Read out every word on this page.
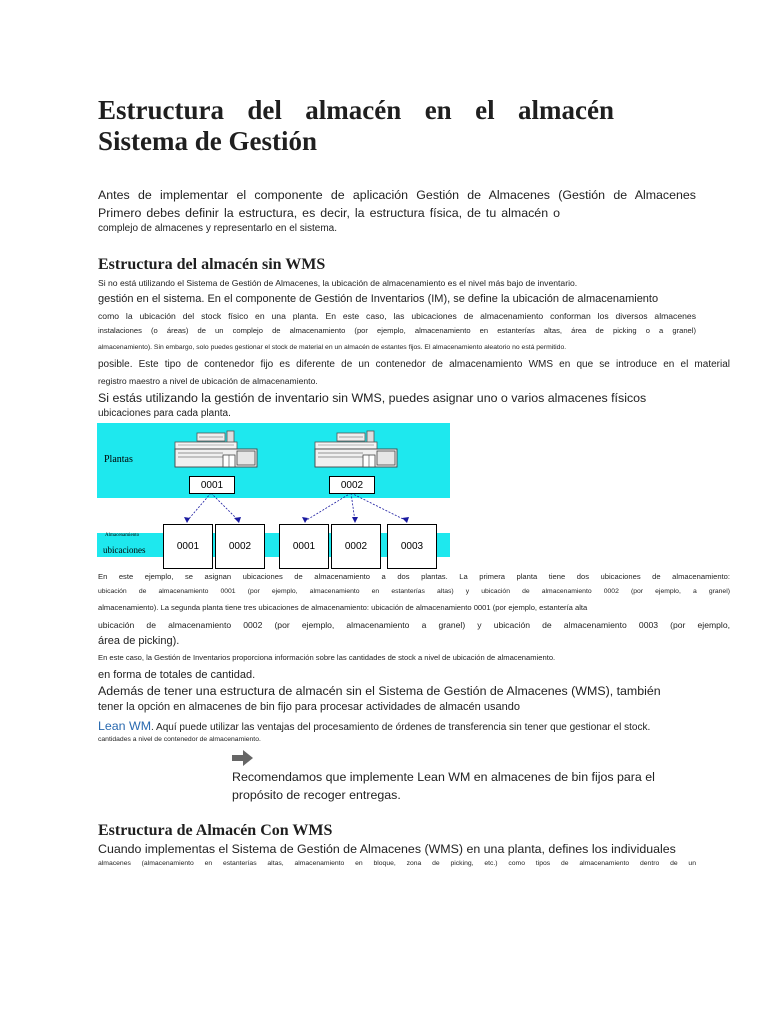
Estructura del almacén en el almacén
Sistema de Gestión

Antes de implementar el componente de aplicación Gestión de Almacenes (Gestión de Almacenes

Primero debes definir la estructura, es decir, la estructura física, de tu almacén o

complejo de almacenes y representarlo en el sistema.

Estructura del almacén sin WMS

Si no está utilizando el Sistema de Gestión de Almacenes, la ubicación de almacenamiento es el nivel más bajo de inventario.

gestión en el sistema. En el componente de Gestión de Inventarios (IM), se define la ubicación de almacenamiento

como la ubicación del stock físico en una planta. En este caso, las ubicaciones de almacenamiento conforman los diversos almacenes

instalaciones (o áreas) de un complejo de almacenamiento (por ejemplo, almacenamiento en estanterías altas, área de picking o a granel)

almacenamiento). Sin embargo, solo puedes gestionar el stock de material en un almacén de estantes fijos. El almacenamiento aleatorio no está permitido.

posible. Este tipo de contenedor fijo es diferente de un contenedor de almacenamiento WMS en que se introduce en el material

registro maestro a nivel de ubicación de almacenamiento.

Si estás utilizando la gestión de inventario sin WMS, puedes asignar uno o varios almacenes físicos

ubicaciones para cada planta.

Plantas
Almacenamiento
ubicaciones
0001	0002
0001	0002	0001	0002	0003

En este ejemplo, se asignan ubicaciones de almacenamiento a dos plantas. La primera planta tiene dos ubicaciones de almacenamiento:

ubicación de almacenamiento 0001 (por ejemplo, almacenamiento en estanterías altas) y ubicación de almacenamiento 0002 (por ejemplo, a granel)

almacenamiento). La segunda planta tiene tres ubicaciones de almacenamiento: ubicación de almacenamiento 0001 (por ejemplo, estantería alta

ubicación de almacenamiento 0002 (por ejemplo, almacenamiento a granel) y ubicación de almacenamiento 0003 (por ejemplo,

área de picking).

En este caso, la Gestión de Inventarios proporciona información sobre las cantidades de stock a nivel de ubicación de almacenamiento.

en forma de totales de cantidad.

Además de tener una estructura de almacén sin el Sistema de Gestión de Almacenes (WMS), también

tener la opción en almacenes de bin fijo para procesar actividades de almacén usando

Lean WM. Aquí puede utilizar las ventajas del procesamiento de órdenes de transferencia sin tener que gestionar el stock.

cantidades a nivel de contenedor de almacenamiento.

Recomendamos que implemente Lean WM en almacenes de bin fijos para el

propósito de recoger entregas.

Estructura de Almacén Con WMS

Cuando implementas el Sistema de Gestión de Almacenes (WMS) en una planta, defines los individuales

almacenes (almacenamiento en estanterías altas, almacenamiento en bloque, zona de picking, etc.) como tipos de almacenamiento dentro de un
